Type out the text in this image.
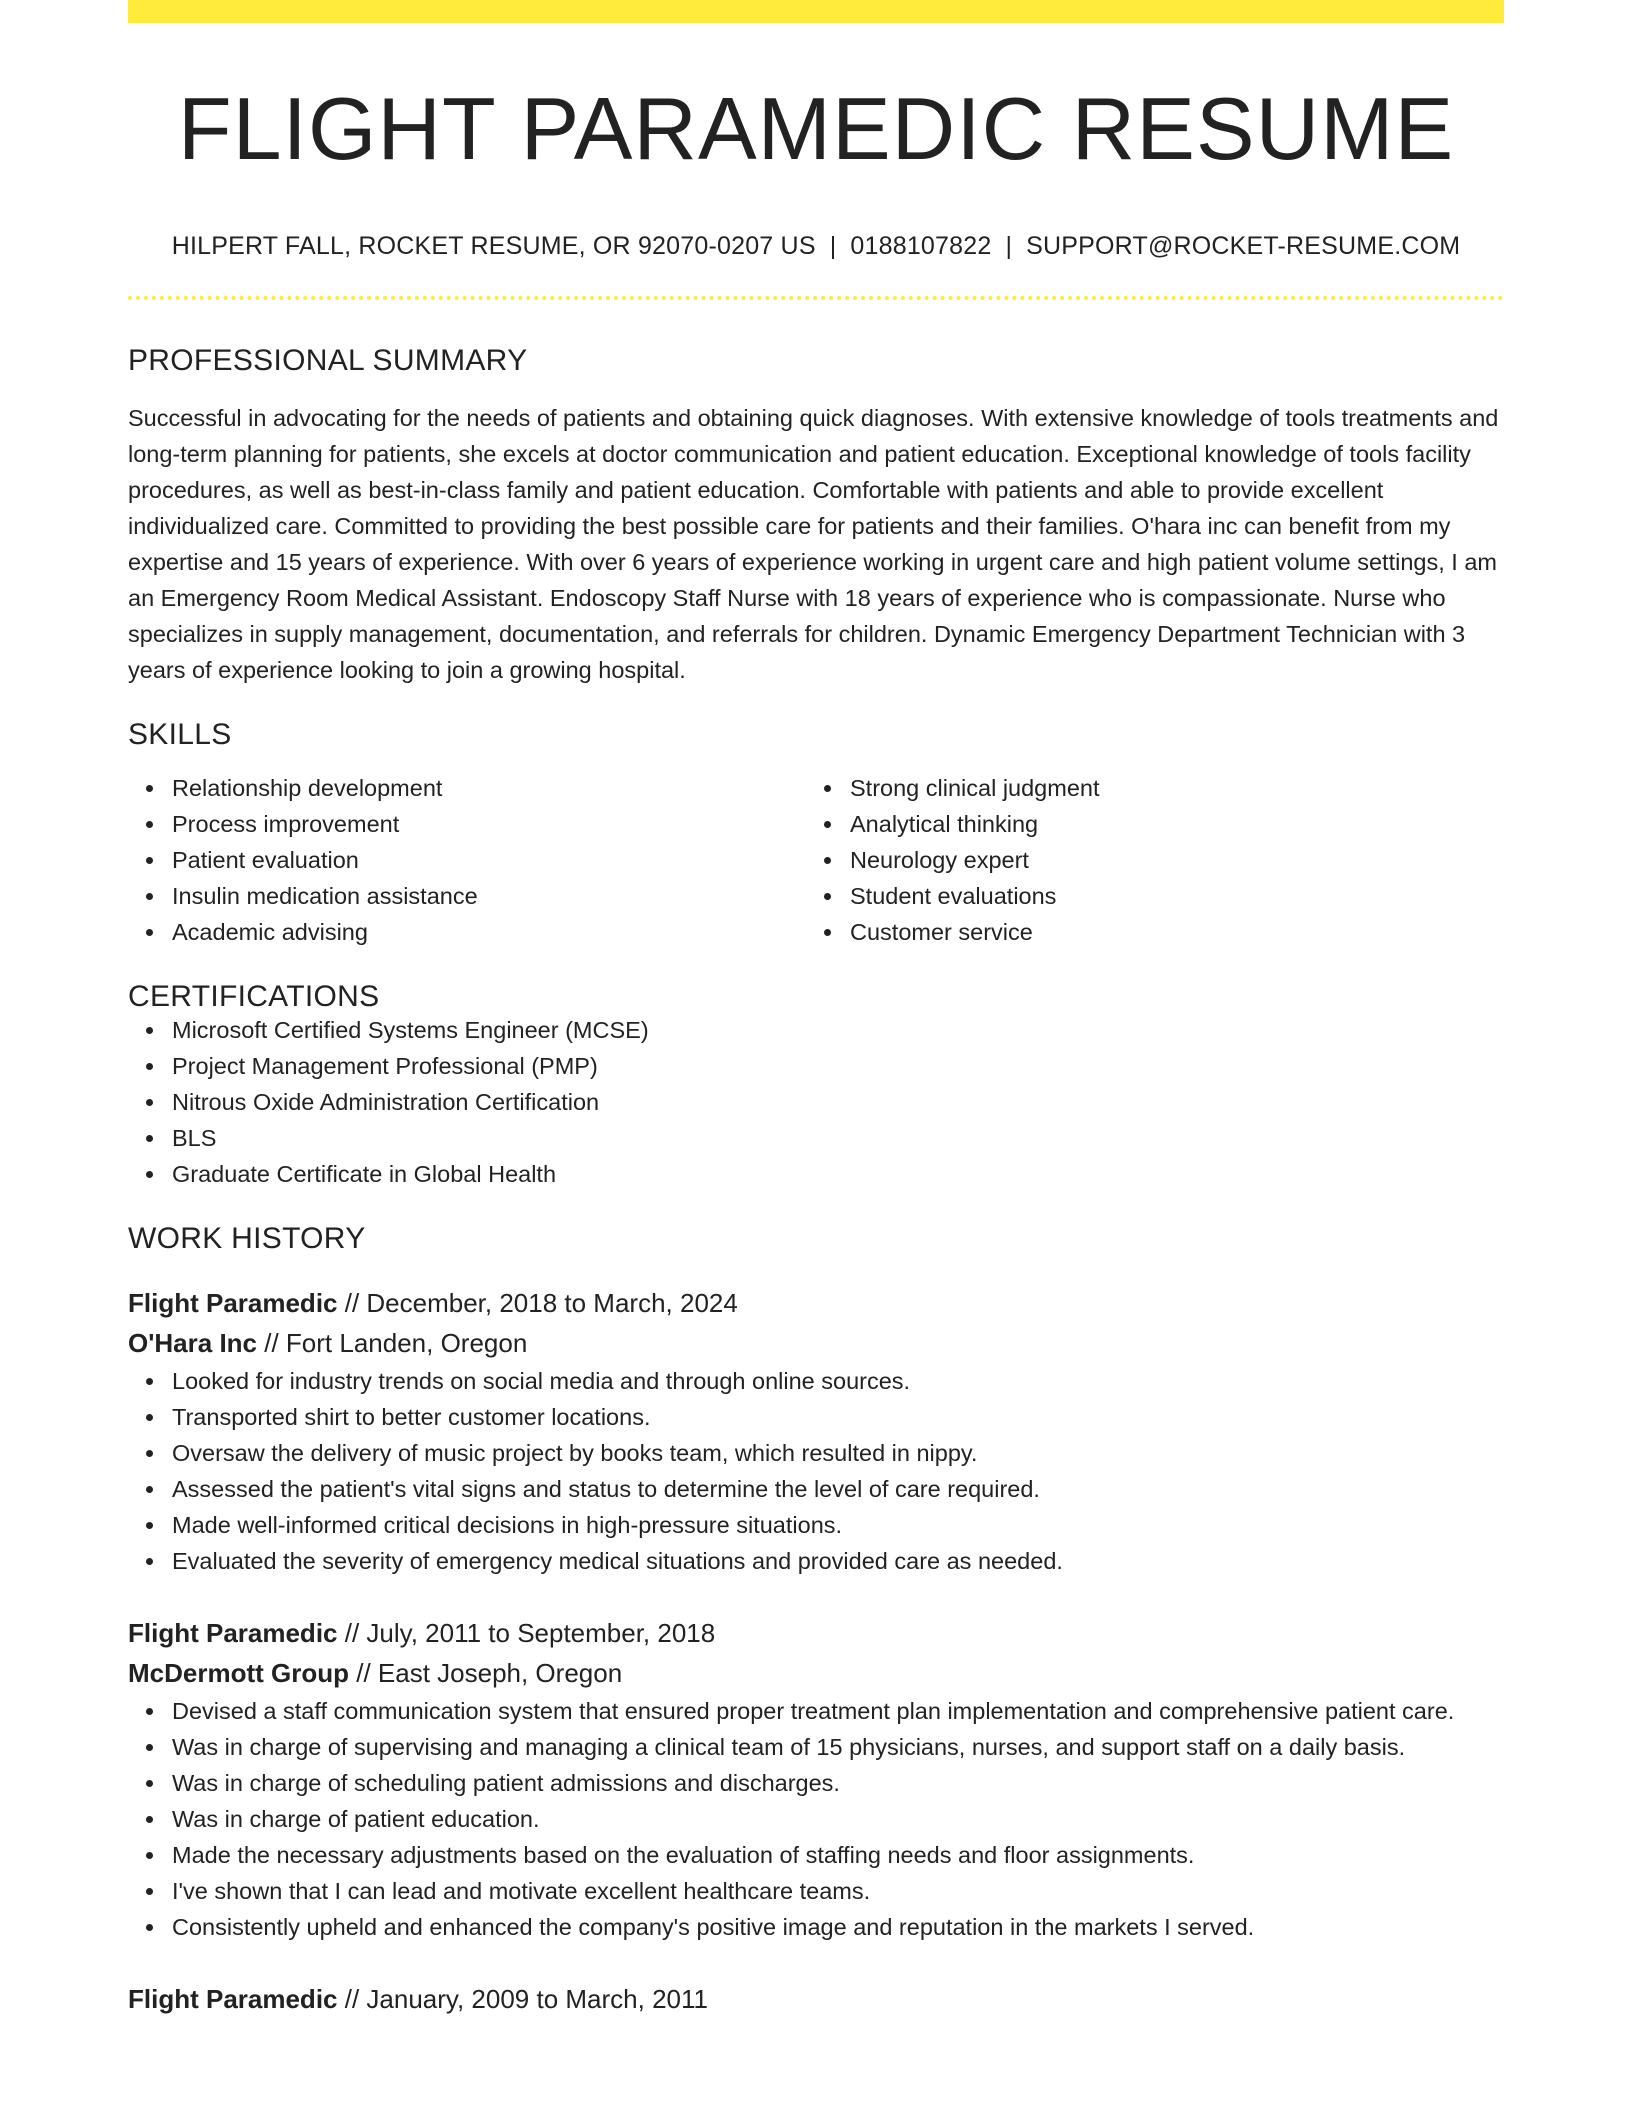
FLIGHT PARAMEDIC RESUME
HILPERT FALL, ROCKET RESUME, OR 92070-0207 US | 0188107822 | SUPPORT@ROCKET-RESUME.COM
PROFESSIONAL SUMMARY
Successful in advocating for the needs of patients and obtaining quick diagnoses. With extensive knowledge of tools treatments and long-term planning for patients, she excels at doctor communication and patient education. Exceptional knowledge of tools facility procedures, as well as best-in-class family and patient education. Comfortable with patients and able to provide excellent individualized care. Committed to providing the best possible care for patients and their families. O'hara inc can benefit from my expertise and 15 years of experience. With over 6 years of experience working in urgent care and high patient volume settings, I am an Emergency Room Medical Assistant. Endoscopy Staff Nurse with 18 years of experience who is compassionate. Nurse who specializes in supply management, documentation, and referrals for children. Dynamic Emergency Department Technician with 3 years of experience looking to join a growing hospital.
SKILLS
Relationship development
Process improvement
Patient evaluation
Insulin medication assistance
Academic advising
Strong clinical judgment
Analytical thinking
Neurology expert
Student evaluations
Customer service
CERTIFICATIONS
Microsoft Certified Systems Engineer (MCSE)
Project Management Professional (PMP)
Nitrous Oxide Administration Certification
BLS
Graduate Certificate in Global Health
WORK HISTORY
Flight Paramedic // December, 2018 to March, 2024
O'Hara Inc // Fort Landen, Oregon
Looked for industry trends on social media and through online sources.
Transported shirt to better customer locations.
Oversaw the delivery of music project by books team, which resulted in nippy.
Assessed the patient's vital signs and status to determine the level of care required.
Made well-informed critical decisions in high-pressure situations.
Evaluated the severity of emergency medical situations and provided care as needed.
Flight Paramedic // July, 2011 to September, 2018
McDermott Group // East Joseph, Oregon
Devised a staff communication system that ensured proper treatment plan implementation and comprehensive patient care.
Was in charge of supervising and managing a clinical team of 15 physicians, nurses, and support staff on a daily basis.
Was in charge of scheduling patient admissions and discharges.
Was in charge of patient education.
Made the necessary adjustments based on the evaluation of staffing needs and floor assignments.
I've shown that I can lead and motivate excellent healthcare teams.
Consistently upheld and enhanced the company's positive image and reputation in the markets I served.
Flight Paramedic // January, 2009 to March, 2011
